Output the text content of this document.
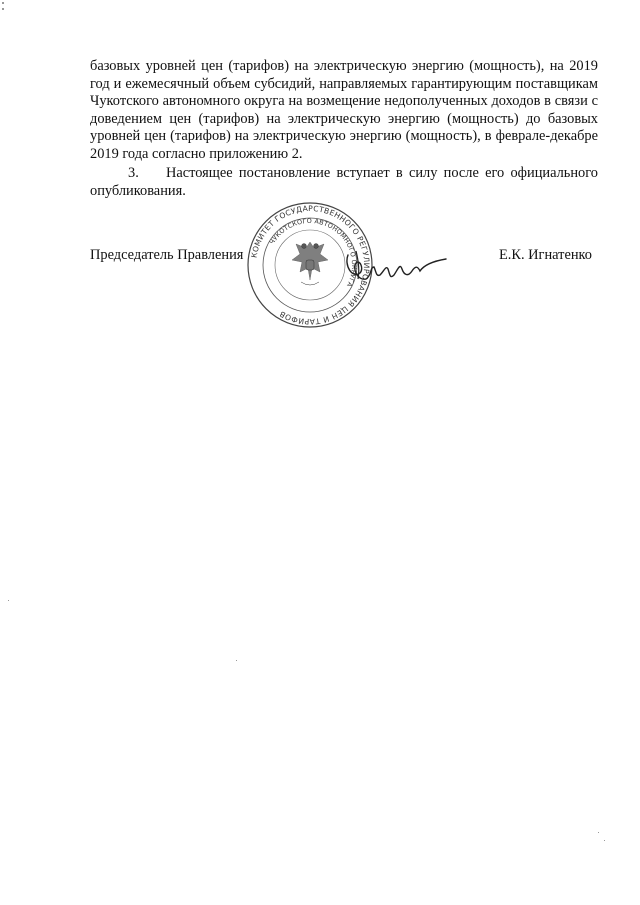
базовых уровней цен (тарифов) на электрическую энергию (мощность), на 2019 год и ежемесячный объем субсидий, направляемых гарантирующим поставщикам Чукотского автономного округа на возмещение недополученных доходов в связи с доведением цен (тарифов) на электрическую энергию (мощность) до базовых уровней цен (тарифов) на электрическую энергию (мощность), в феврале-декабре 2019 года согласно приложению 2.

3. Настоящее постановление вступает в силу после его официального опубликования.

Председатель Правления	Е.К. Игнатенко
КОМИТЕТ ГОСУДАРСТВЕННОГО РЕГУЛИРОВАНИЯ ЦЕН И ТАРИФОВ
ЧУКОТСКОГО АВТОНОМНОГО ОКРУГА
